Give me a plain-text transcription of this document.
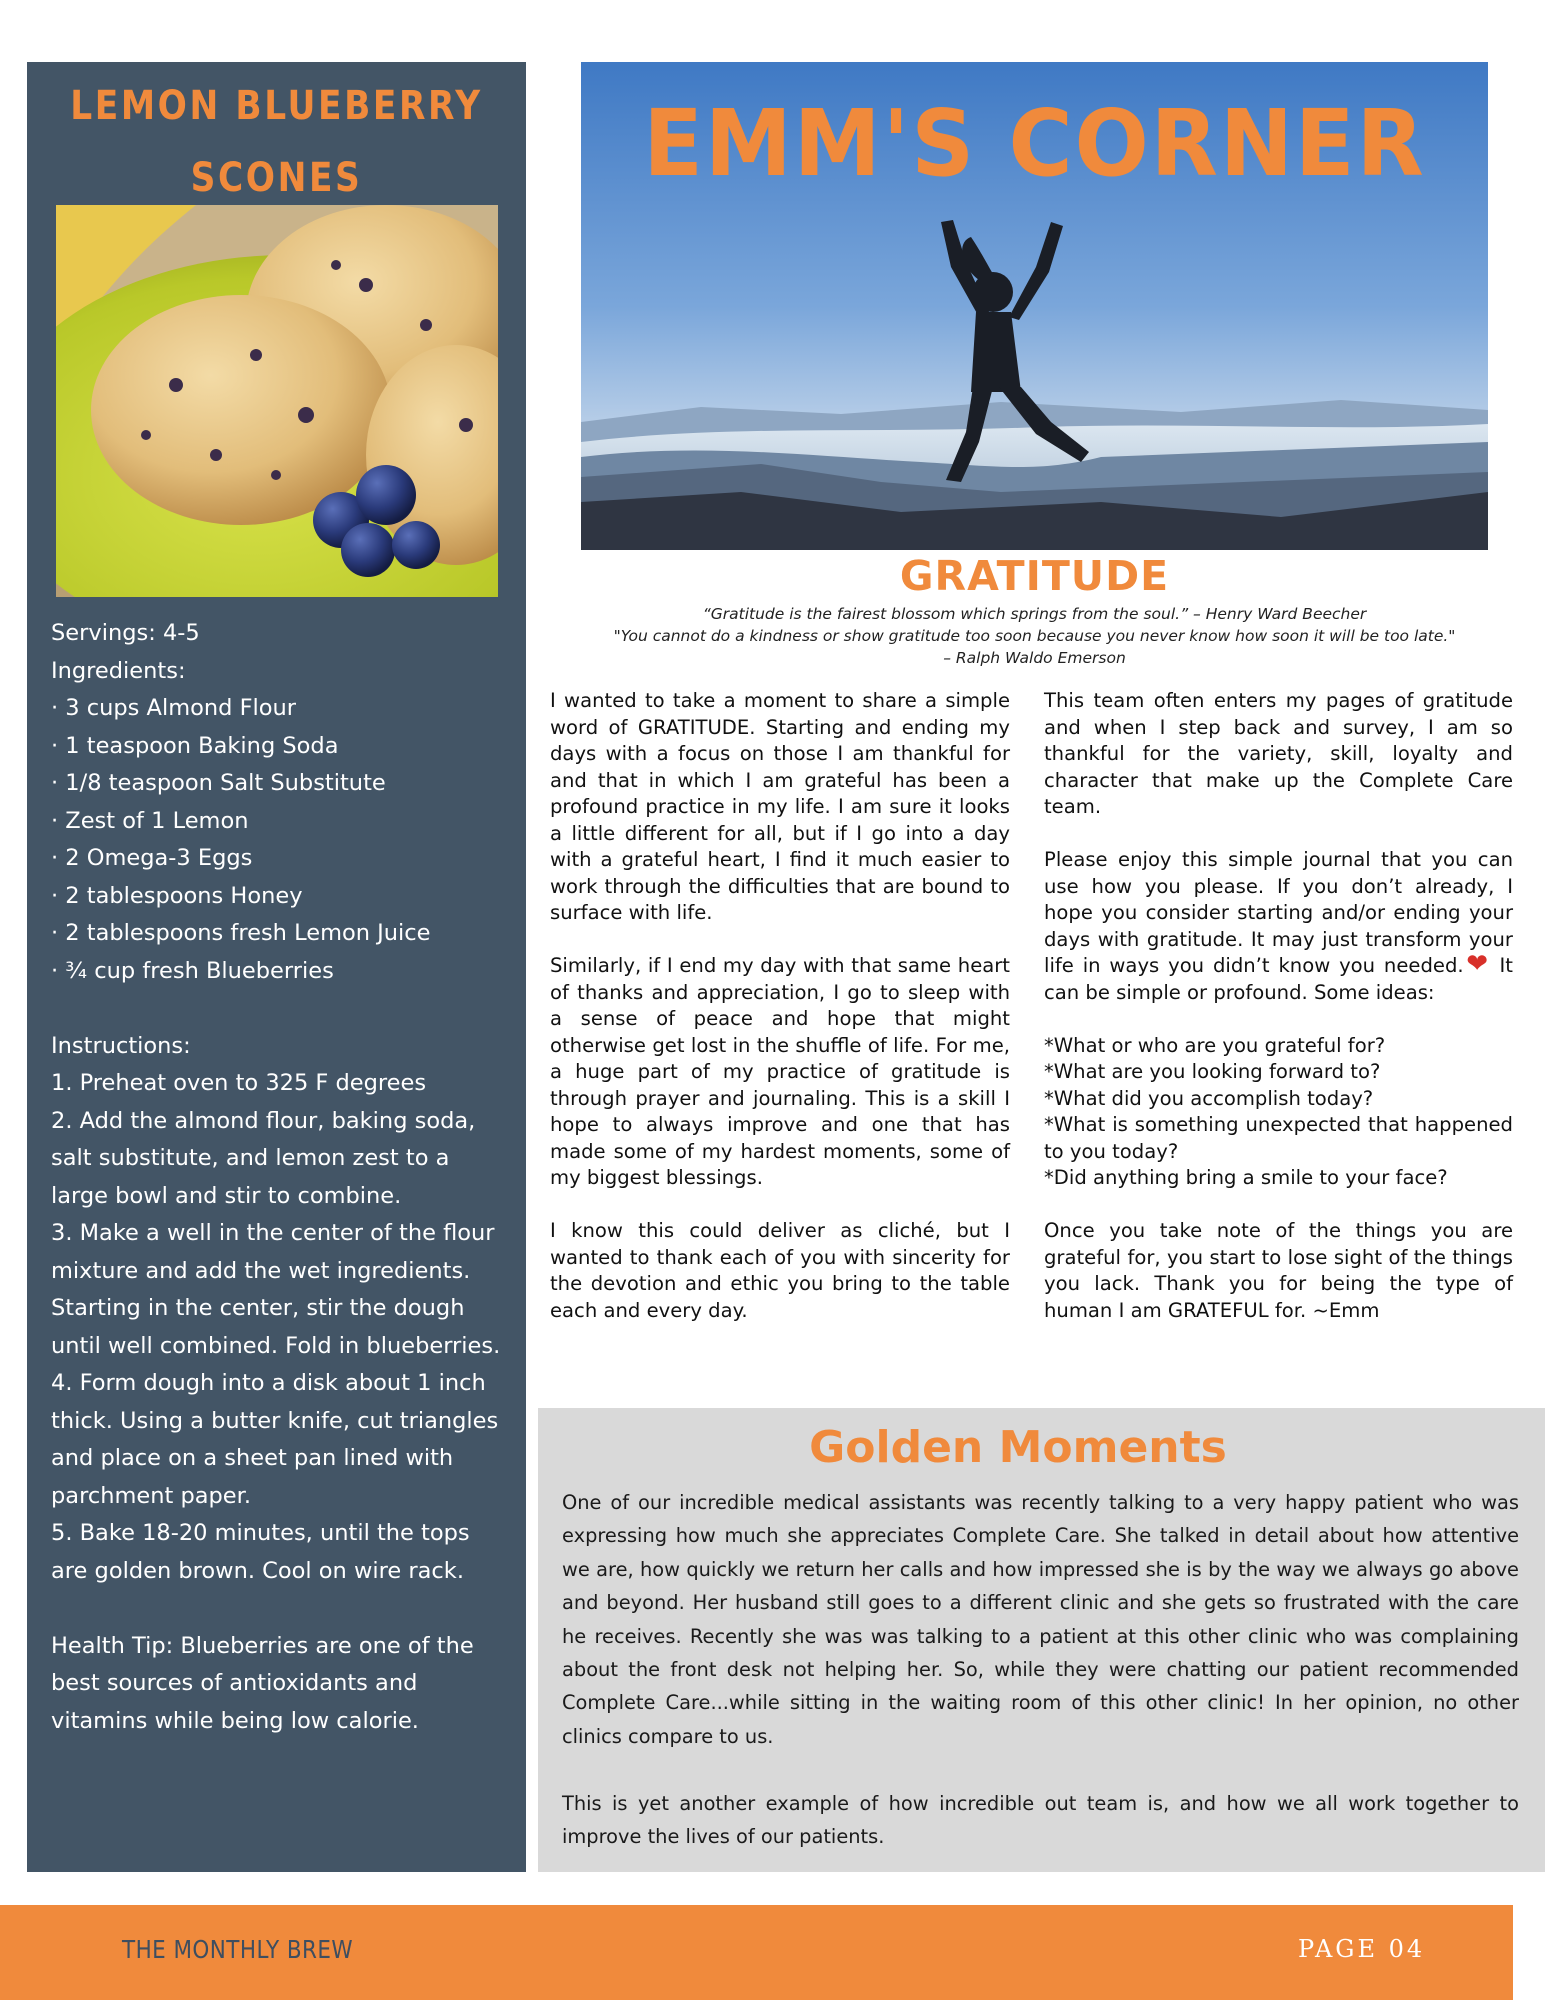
LEMON BLUEBERRY
SCONES
Servings: 4-5
Ingredients:
· 3 cups Almond Flour
· 1 teaspoon Baking Soda
· 1/8 teaspoon Salt Substitute
· Zest of 1 Lemon
· 2 Omega-3 Eggs
· 2 tablespoons Honey
· 2 tablespoons fresh Lemon Juice
· ¾ cup fresh Blueberries

Instructions:
1. Preheat oven to 325 F degrees
2. Add the almond flour, baking soda, salt substitute, and lemon zest to a large bowl and stir to combine.
3. Make a well in the center of the flour mixture and add the wet ingredients. Starting in the center, stir the dough until well combined. Fold in blueberries.
4. Form dough into a disk about 1 inch thick. Using a butter knife, cut triangles and place on a sheet pan lined with parchment paper.
5. Bake 18-20 minutes, until the tops are golden brown. Cool on wire rack.

Health Tip: Blueberries are one of the best sources of antioxidants and vitamins while being low calorie.
EMM'S CORNER
GRATITUDE
“Gratitude is the fairest blossom which springs from the soul.” – Henry Ward Beecher
"You cannot do a kindness or show gratitude too soon because you never know how soon it will be too late."
– Ralph Waldo Emerson
I wanted to take a moment to share a simple word of GRATITUDE. Starting and ending my days with a focus on those I am thankful for and that in which I am grateful has been a profound practice in my life. I am sure it looks a little different for all, but if I go into a day with a grateful heart, I find it much easier to work through the difficulties that are bound to surface with life.

Similarly, if I end my day with that same heart of thanks and appreciation, I go to sleep with a sense of peace and hope that might otherwise get lost in the shuffle of life. For me, a huge part of my practice of gratitude is through prayer and journaling. This is a skill I hope to always improve and one that has made some of my hardest moments, some of my biggest blessings.

I know this could deliver as cliché, but I wanted to thank each of you with sincerity for the devotion and ethic you bring to the table each and every day.
This team often enters my pages of gratitude and when I step back and survey, I am so thankful for the variety, skill, loyalty and character that make up the Complete Care team.

Please enjoy this simple journal that you can use how you please. If you don’t already, I hope you consider starting and/or ending your days with gratitude. It may just transform your life in ways you didn’t know you needed.❤ It can be simple or profound. Some ideas:

*What or who are you grateful for?
*What are you looking forward to?
*What did you accomplish today?
*What is something unexpected that happened to you today?
*Did anything bring a smile to your face?

Once you take note of the things you are grateful for, you start to lose sight of the things you lack. Thank you for being the type of human I am GRATEFUL for. ~Emm
Golden Moments

One of our incredible medical assistants was recently talking to a very happy patient who was expressing how much she appreciates Complete Care. She talked in detail about how attentive we are, how quickly we return her calls and how impressed she is by the way we always go above and beyond. Her husband still goes to a different clinic and she gets so frustrated with the care he receives. Recently she was was talking to a patient at this other clinic who was complaining about the front desk not helping her. So, while they were chatting our patient recommended Complete Care...while sitting in the waiting room of this other clinic! In her opinion, no other clinics compare to us.

This is yet another example of how incredible out team is, and how we all work together to improve the lives of our patients.

THE MONTHLY BREW	PAGE 04
